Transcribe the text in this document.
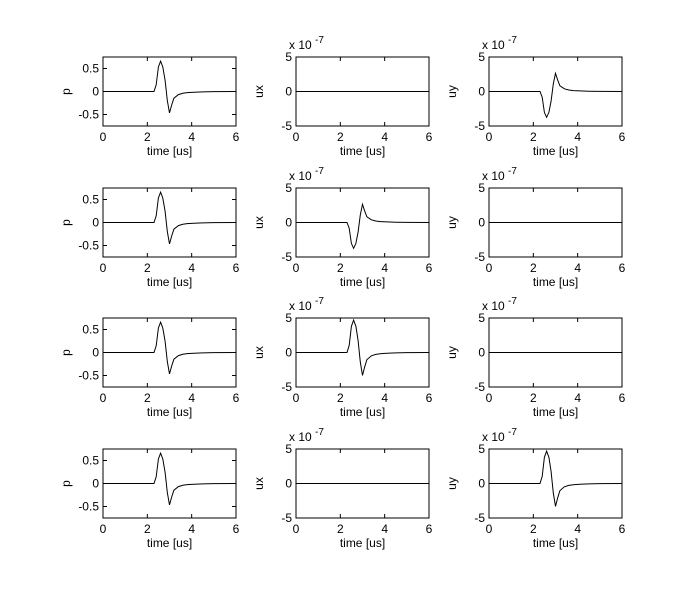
0	2	4	6
-0.5
0
0.5
time [us]
p
0	2	4	6
-5
0
5
time [us]
ux
x 10 $^{-7}$
0	2	4	6
-5
0
5
time [us]
uy
x 10 $^{-7}$
0	2	4	6
-0.5
0
0.5
time [us]
p
0	2	4	6
-5
0
5
time [us]
ux
x 10 $^{-7}$
0	2	4	6
-5
0
5
time [us]
uy
x 10 $^{-7}$
0	2	4	6
-0.5
0
0.5
time [us]
p
0	2	4	6
-5
0
5
time [us]
ux
x 10 $^{-7}$
0	2	4	6
-5
0
5
time [us]
uy
x 10 $^{-7}$
0	2	4	6
-0.5
0
0.5
time [us]
p
0	2	4	6
-5
0
5
time [us]
ux
x 10 $^{-7}$
0	2	4	6
-5
0
5
time [us]
uy
x 10 $^{-7}$
